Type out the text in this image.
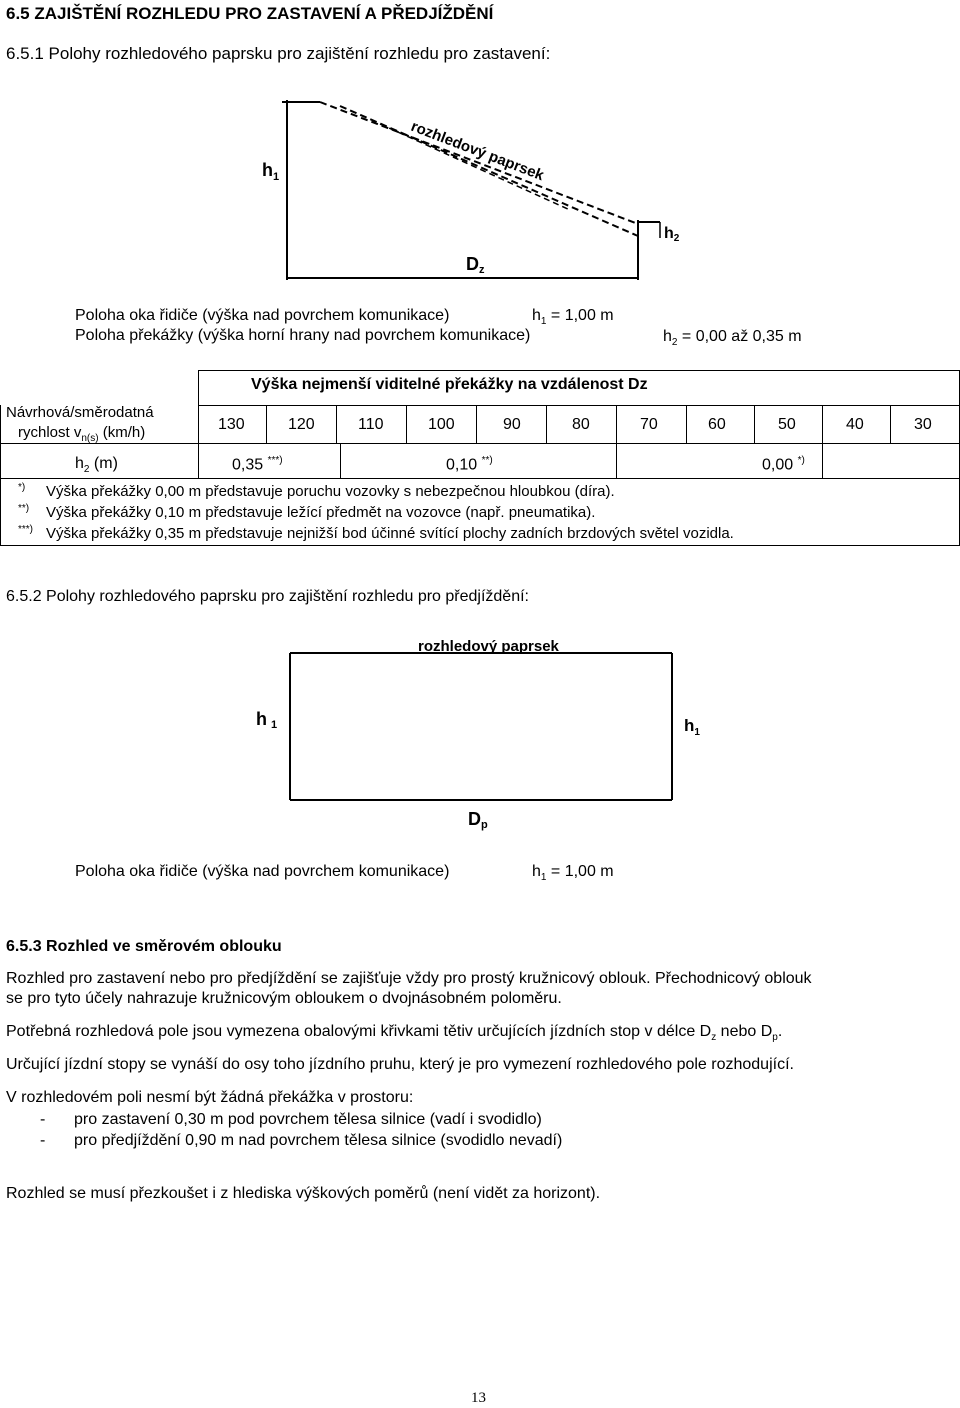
6.5 ZAJIŠTĚNÍ ROZHLEDU PRO ZASTAVENÍ A PŘEDJÍŽDĚNÍ
6.5.1 Polohy rozhledového paprsku pro zajištění rozhledu pro zastavení:
rozhledový paprsek
$h_1$
h2
Dz
Poloha oka řidiče (výška nad povrchem komunikace)	$h_1 = 1,00$ m
Poloha překážky (výška horní hrany nad povrchem komunikace)	$h_2 = 0,00$ až 0,35 m
Výška nejmenší viditelné překážky na vzdálenost Dz
Návrhová/směrodatná
rychlost $v_{n(s)}$ (km/h)	130	120	110	100	90	80	70	60	50	40	30
$h_2$ (m)	0,35 ***)	0,10 **)	0,00 *)
*) Výška překážky 0,00 m představuje poruchu vozovky s nebezpečnou hloubkou (díra).
**) Výška překážky 0,10 m představuje ležící předmět na vozovce (např. pneumatika).
***) Výška překážky 0,35 m představuje nejnižší bod účinné svítící plochy zadních brzdových světel vozidla.
6.5.2 Polohy rozhledového paprsku pro zajištění rozhledu pro předjíždění:
rozhledový paprsek
h 1	$h_1$
Dp
Poloha oka řidiče (výška nad povrchem komunikace)	$h_1 = 1,00$ m
6.5.3 Rozhled ve směrovém oblouku
Rozhled pro zastavení nebo pro předjíždění se zajišťuje vždy pro prostý kružnicový oblouk. Přechodnicový oblouk
se pro tyto účely nahrazuje kružnicovým obloukem o dvojnásobném poloměru.
Potřebná rozhledová pole jsou vymezena obalovými křivkami tětiv určujících jízdních stop v délce $D_z$ nebo $D_p$.
Určující jízdní stopy se vynáší do osy toho jízdního pruhu, který je pro vymezení rozhledového pole rozhodující.
V rozhledovém poli nesmí být žádná překážka v prostoru:
- pro zastavení 0,30 m pod povrchem tělesa silnice (vadí i svodidlo)
- pro předjíždění 0,90 m nad povrchem tělesa silnice (svodidlo nevadí)
Rozhled se musí přezkoušet i z hlediska výškových poměrů (není vidět za horizont).
13
